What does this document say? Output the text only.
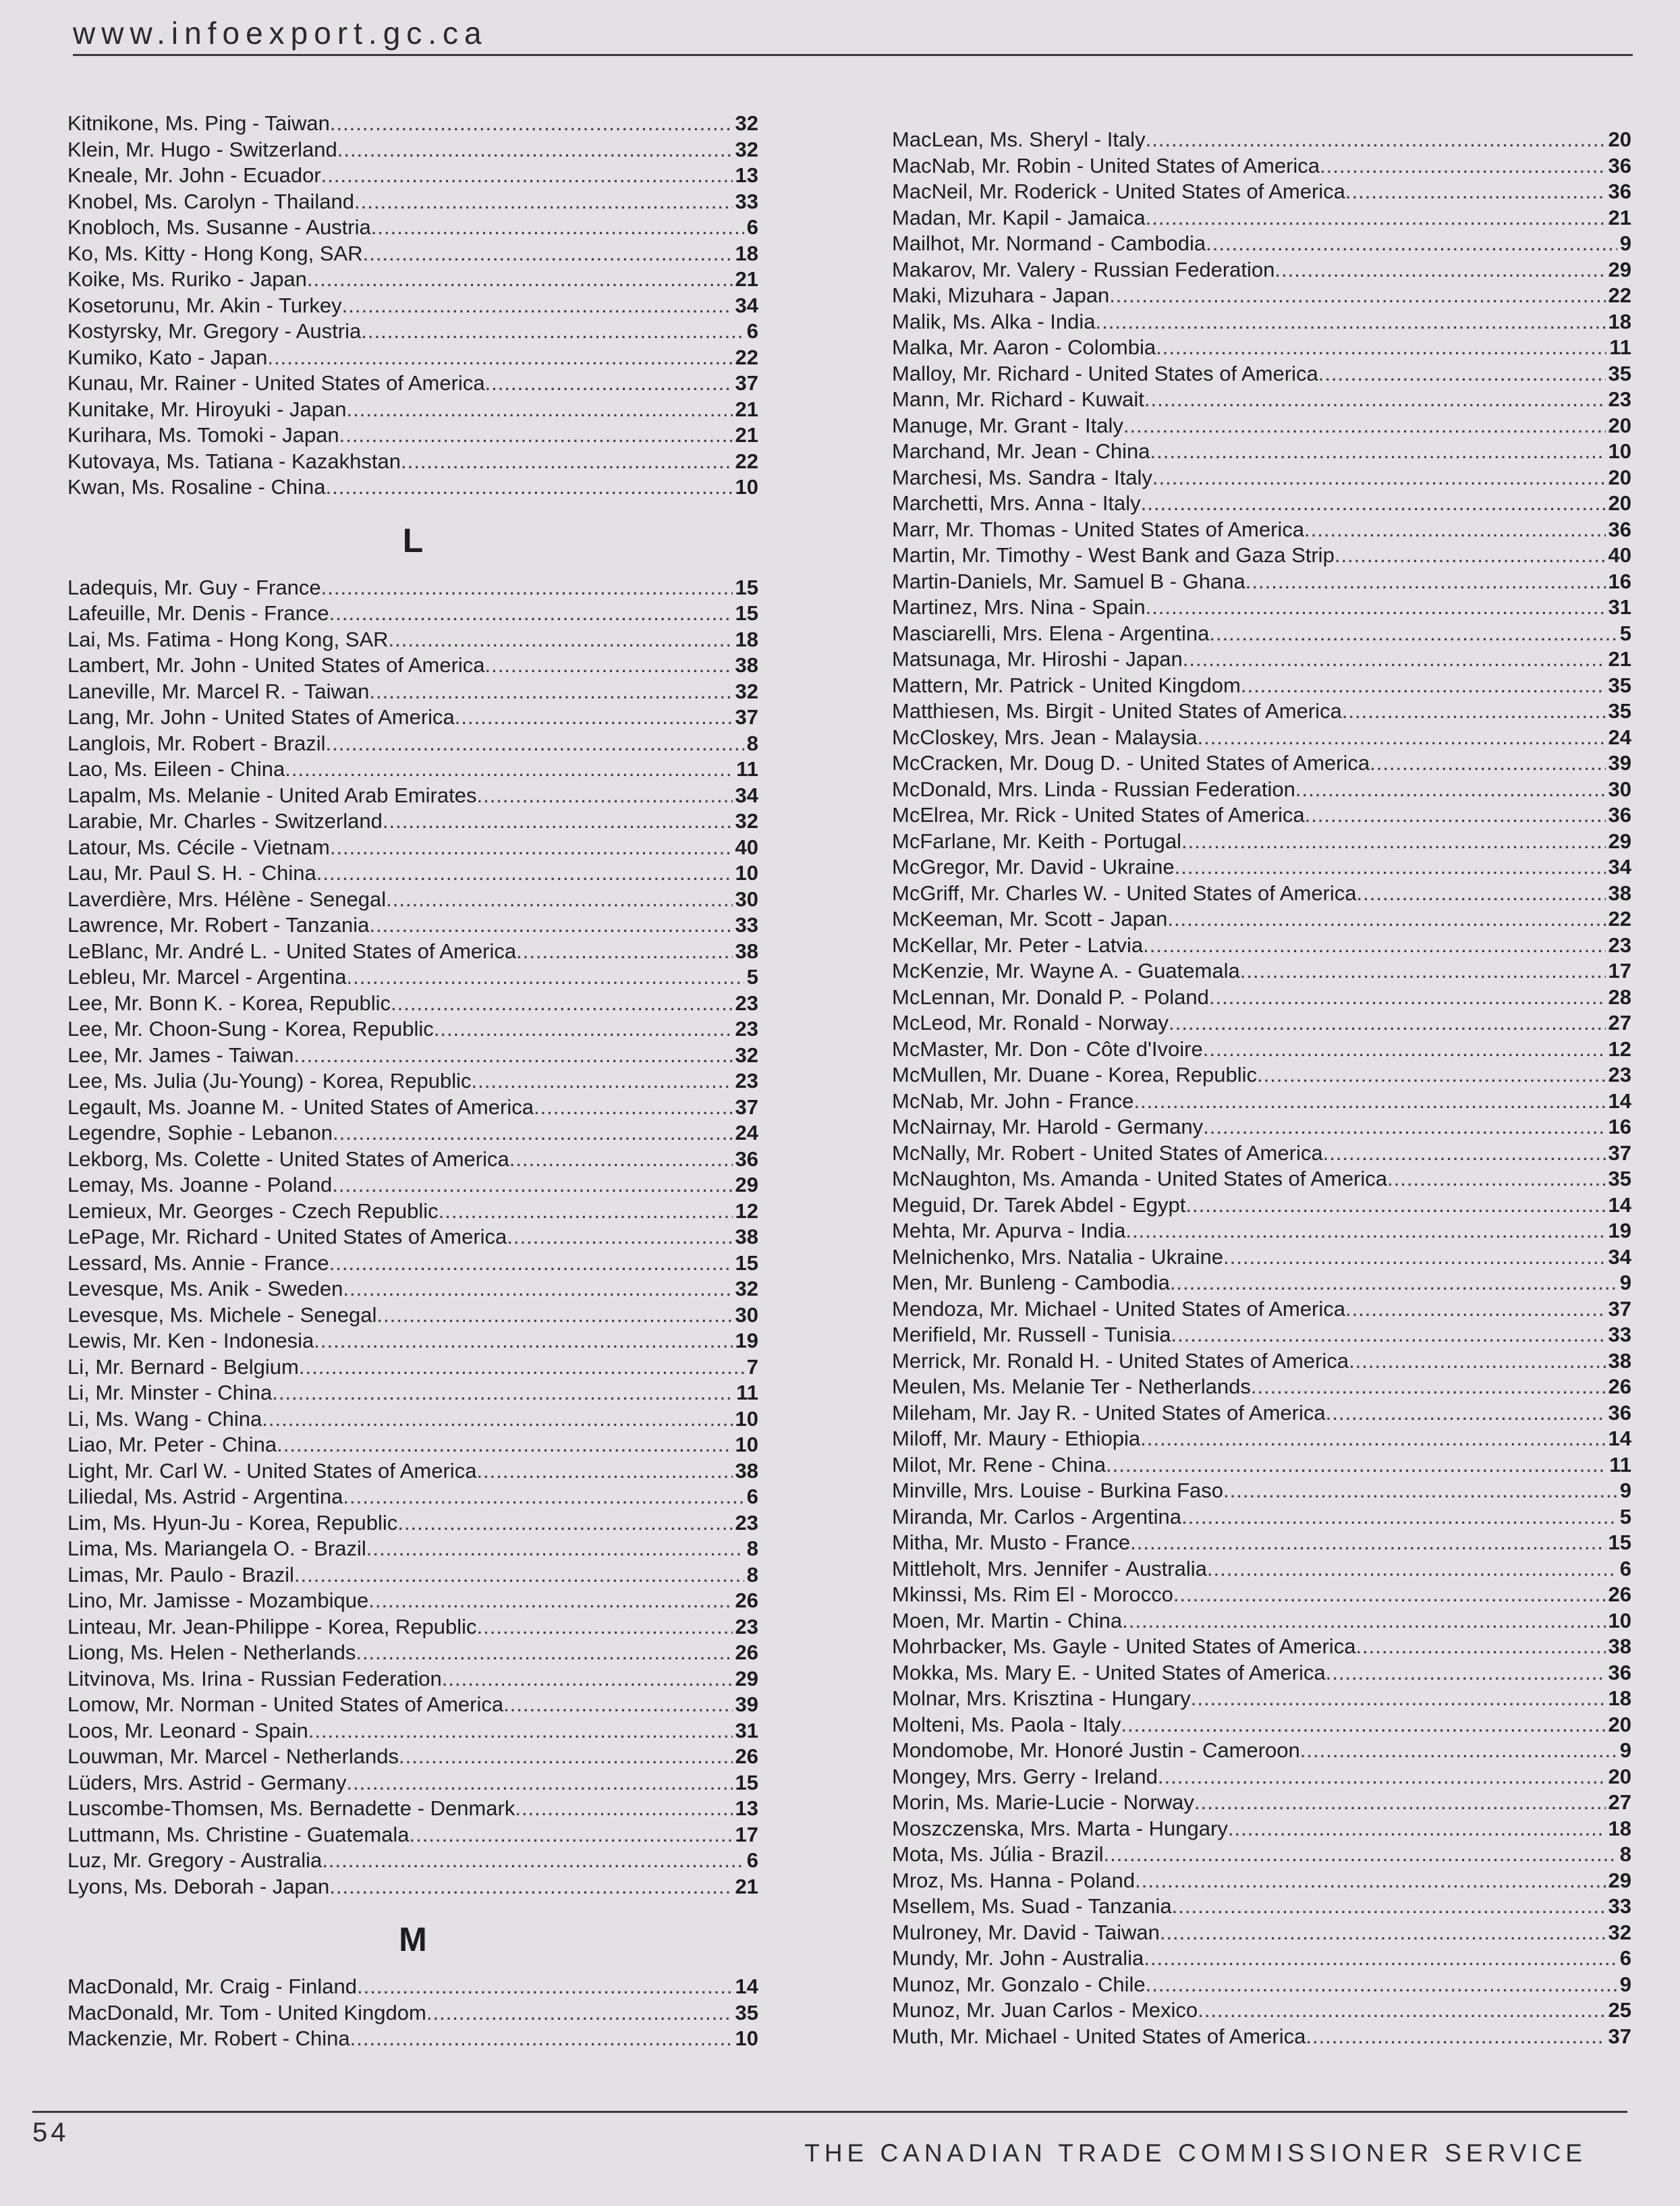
www.infoexport.gc.ca
Kitnikone, Ms. Ping - Taiwan .....	32
Klein, Mr. Hugo - Switzerland .....	32
Kneale, Mr. John - Ecuador .....	13
Knobel, Ms. Carolyn - Thailand .....	33
Knobloch, Ms. Susanne - Austria .....	6
Ko, Ms. Kitty - Hong Kong, SAR .....	18
Koike, Ms. Ruriko - Japan .....	21
Kosetorunu, Mr. Akin - Turkey .....	34
Kostyrsky, Mr. Gregory - Austria .....	6
Kumiko, Kato - Japan .....	22
Kunau, Mr. Rainer - United States of America .....	37
Kunitake, Mr. Hiroyuki - Japan .....	21
Kurihara, Ms. Tomoki - Japan .....	21
Kutovaya, Ms. Tatiana - Kazakhstan .....	22
Kwan, Ms. Rosaline - China .....	10
L
Ladequis, Mr. Guy - France .....	15
Lafeuille, Mr. Denis - France .....	15
Lai, Ms. Fatima - Hong Kong, SAR .....	18
Lambert, Mr. John - United States of America .....	38
Laneville, Mr. Marcel R. - Taiwan .....	32
Lang, Mr. John - United States of America .....	37
Langlois, Mr. Robert - Brazil .....	8
Lao, Ms. Eileen - China .....	11
Lapalm, Ms. Melanie - United Arab Emirates .....	34
Larabie, Mr. Charles - Switzerland .....	32
Latour, Ms. Cécile - Vietnam .....	40
Lau, Mr. Paul S. H. - China .....	10
Laverdière, Mrs. Hélène - Senegal .....	30
Lawrence, Mr. Robert - Tanzania .....	33
LeBlanc, Mr. André L. - United States of America .....	38
Lebleu, Mr. Marcel - Argentina .....	5
Lee, Mr. Bonn K. - Korea, Republic .....	23
Lee, Mr. Choon-Sung - Korea, Republic .....	23
Lee, Mr. James - Taiwan .....	32
Lee, Ms. Julia (Ju-Young) - Korea, Republic .....	23
Legault, Ms. Joanne M. - United States of America .....	37
Legendre, Sophie - Lebanon .....	24
Lekborg, Ms. Colette - United States of America .....	36
Lemay, Ms. Joanne - Poland .....	29
Lemieux, Mr. Georges - Czech Republic .....	12
LePage, Mr. Richard - United States of America .....	38
Lessard, Ms. Annie - France .....	15
Levesque, Ms. Anik - Sweden .....	32
Levesque, Ms. Michele - Senegal .....	30
Lewis, Mr. Ken - Indonesia .....	19
Li, Mr. Bernard - Belgium .....	7
Li, Mr. Minster - China .....	11
Li, Ms. Wang - China .....	10
Liao, Mr. Peter - China .....	10
Light, Mr. Carl W. - United States of America .....	38
Liliedal, Ms. Astrid - Argentina .....	6
Lim, Ms. Hyun-Ju - Korea, Republic .....	23
Lima, Ms. Mariangela O. - Brazil .....	8
Limas, Mr. Paulo - Brazil .....	8
Lino, Mr. Jamisse - Mozambique .....	26
Linteau, Mr. Jean-Philippe - Korea, Republic .....	23
Liong, Ms. Helen - Netherlands .....	26
Litvinova, Ms. Irina - Russian Federation .....	29
Lomow, Mr. Norman - United States of America .....	39
Loos, Mr. Leonard - Spain .....	31
Louwman, Mr. Marcel - Netherlands .....	26
Lüders, Mrs. Astrid - Germany .....	15
Luscombe-Thomsen, Ms. Bernadette - Denmark .....	13
Luttmann, Ms. Christine - Guatemala .....	17
Luz, Mr. Gregory - Australia .....	6
Lyons, Ms. Deborah - Japan .....	21
M
MacDonald, Mr. Craig - Finland .....	14
MacDonald, Mr. Tom - United Kingdom .....	35
Mackenzie, Mr. Robert - China .....	10
MacLean, Ms. Sheryl - Italy .....	20
MacNab, Mr. Robin - United States of America .....	36
MacNeil, Mr. Roderick - United States of America .....	36
Madan, Mr. Kapil - Jamaica .....	21
Mailhot, Mr. Normand - Cambodia .....	9
Makarov, Mr. Valery - Russian Federation .....	29
Maki, Mizuhara - Japan .....	22
Malik, Ms. Alka - India .....	18
Malka, Mr. Aaron - Colombia .....	11
Malloy, Mr. Richard - United States of America .....	35
Mann, Mr. Richard - Kuwait .....	23
Manuge, Mr. Grant - Italy .....	20
Marchand, Mr. Jean - China .....	10
Marchesi, Ms. Sandra - Italy .....	20
Marchetti, Mrs. Anna - Italy .....	20
Marr, Mr. Thomas - United States of America .....	36
Martin, Mr. Timothy - West Bank and Gaza Strip .....	40
Martin-Daniels, Mr. Samuel B - Ghana .....	16
Martinez, Mrs. Nina - Spain .....	31
Masciarelli, Mrs. Elena - Argentina .....	5
Matsunaga, Mr. Hiroshi - Japan .....	21
Mattern, Mr. Patrick - United Kingdom .....	35
Matthiesen, Ms. Birgit - United States of America .....	35
McCloskey, Mrs. Jean - Malaysia .....	24
McCracken, Mr. Doug D. - United States of America .....	39
McDonald, Mrs. Linda - Russian Federation .....	30
McElrea, Mr. Rick - United States of America .....	36
McFarlane, Mr. Keith - Portugal .....	29
McGregor, Mr. David - Ukraine .....	34
McGriff, Mr. Charles W. - United States of America .....	38
McKeeman, Mr. Scott - Japan .....	22
McKellar, Mr. Peter - Latvia .....	23
McKenzie, Mr. Wayne A. - Guatemala .....	17
McLennan, Mr. Donald P. - Poland .....	28
McLeod, Mr. Ronald - Norway .....	27
McMaster, Mr. Don - Côte d'Ivoire .....	12
McMullen, Mr. Duane - Korea, Republic .....	23
McNab, Mr. John - France .....	14
McNairnay, Mr. Harold - Germany .....	16
McNally, Mr. Robert - United States of America .....	37
McNaughton, Ms. Amanda - United States of America .....	35
Meguid, Dr. Tarek Abdel - Egypt .....	14
Mehta, Mr. Apurva - India .....	19
Melnichenko, Mrs. Natalia - Ukraine .....	34
Men, Mr. Bunleng - Cambodia .....	9
Mendoza, Mr. Michael - United States of America .....	37
Merifield, Mr. Russell - Tunisia .....	33
Merrick, Mr. Ronald H. - United States of America .....	38
Meulen, Ms. Melanie Ter - Netherlands .....	26
Mileham, Mr. Jay R. - United States of America .....	36
Miloff, Mr. Maury - Ethiopia .....	14
Milot, Mr. Rene - China .....	11
Minville, Mrs. Louise - Burkina Faso .....	9
Miranda, Mr. Carlos - Argentina .....	5
Mitha, Mr. Musto - France .....	15
Mittleholt, Mrs. Jennifer - Australia .....	6
Mkinssi, Ms. Rim El - Morocco .....	26
Moen, Mr. Martin - China .....	10
Mohrbacker, Ms. Gayle - United States of America .....	38
Mokka, Ms. Mary E. - United States of America .....	36
Molnar, Mrs. Krisztina - Hungary .....	18
Molteni, Ms. Paola - Italy .....	20
Mondomobe, Mr. Honoré Justin - Cameroon .....	9
Mongey, Mrs. Gerry - Ireland .....	20
Morin, Ms. Marie-Lucie - Norway .....	27
Moszczenska, Mrs. Marta - Hungary .....	18
Mota, Ms. Júlia - Brazil .....	8
Mroz, Ms. Hanna - Poland .....	29
Msellem, Ms. Suad - Tanzania .....	33
Mulroney, Mr. David - Taiwan .....	32
Mundy, Mr. John - Australia .....	6
Munoz, Mr. Gonzalo - Chile .....	9
Munoz, Mr. Juan Carlos - Mexico .....	25
Muth, Mr. Michael - United States of America .....	37
54
THE CANADIAN TRADE COMMISSIONER SERVICE
